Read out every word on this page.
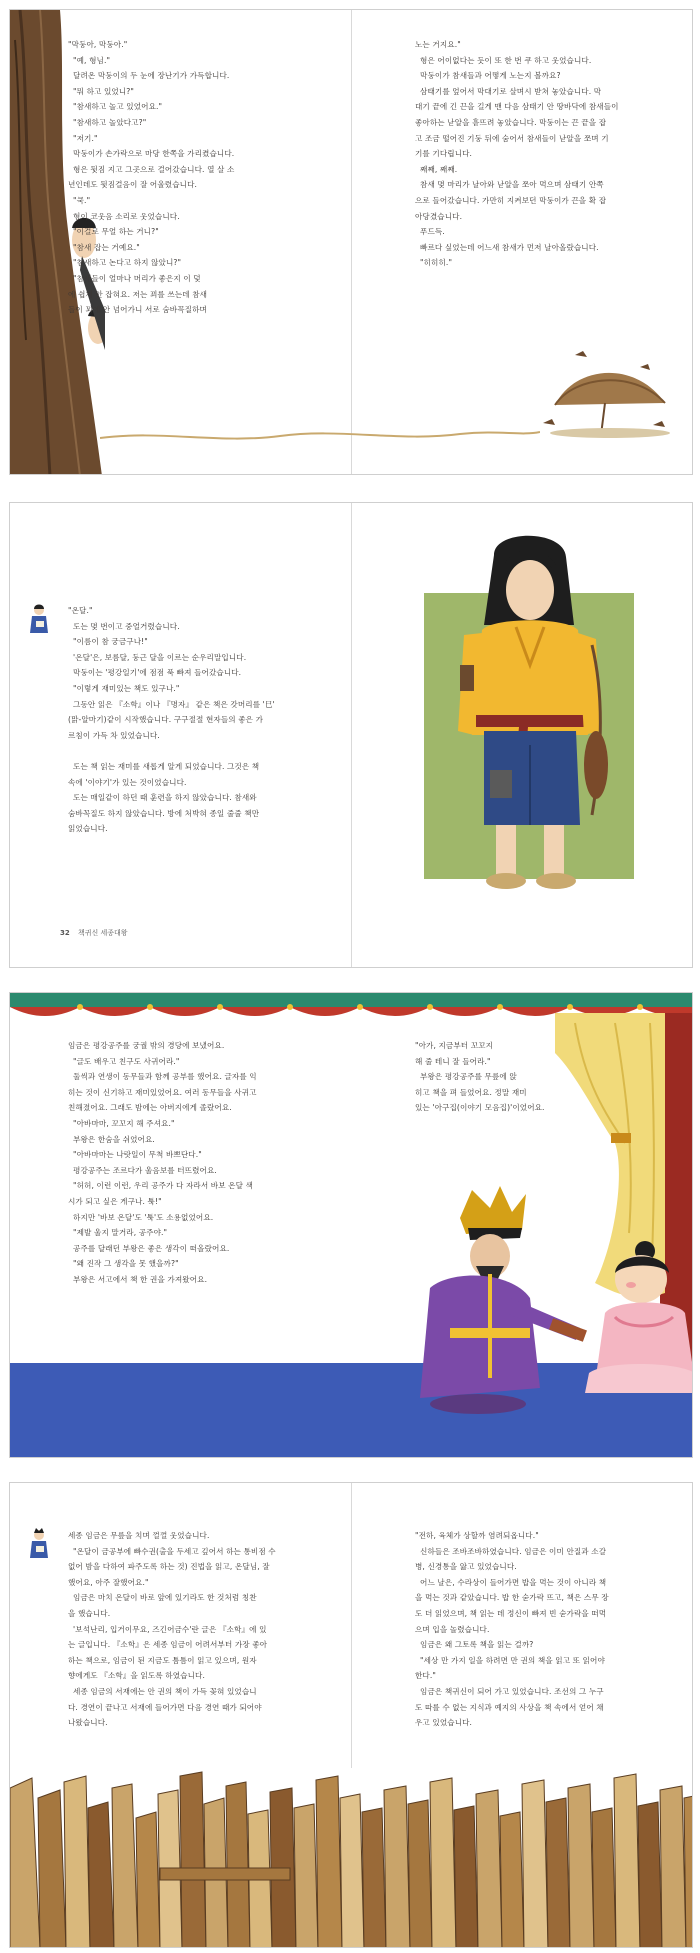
"막둥아, 막둥아."
"예, 형님."
달려온 막둥이의 두 눈에 장난기가 가득합니다.
"뭐 하고 있었니?"
"참새하고 놀고 있었어요."
"참새하고 놀았다고?"
"저기."
막둥이가 손가락으로 마당 한쪽을 가리켰습니다.
형은 뒷짐 지고 그곳으로 걸어갔습니다. 열 살 소
년인데도 뒷짐걸음이 잘 어울렸습니다.
"쿡."
형이 코웃음 소리로 웃었습니다.
"이걸로 무얼 하는 거니?"
"참새 잡는 거예요."
"참새하고 논다고 하지 않았니?"
"참새들이 얼마나 머리가 좋은지 이 덫
에 쉽게 안 잡혀요. 저는 꾀를 쓰는데 참새
들이 꾀에 안 넘어가니 서로 숨바꼭질하며
노는 거지요."
형은 어이없다는 듯이 또 한 번 쿠 하고 웃었습니다.
막둥이가 참새들과 어떻게 노는지 볼까요?
삼태기를 엎어서 막대기로 살며시 받쳐 놓았습니다. 막
대기 끝에 긴 끈을 길게 맨 다음 삼태기 안 땅바닥에 참새들이
좋아하는 낟알을 흩뜨려 놓았습니다. 막둥이는 끈 끝을 잡
고 조금 떨어진 기둥 뒤에 숨어서 참새들이 낟알을 쪼며 기
기를 기다립니다.
째째, 째째.
참새 몇 마리가 날아와 낟알을 쪼아 먹으며 삼태기 안쪽
으로 들어갔습니다. 가만히 지켜보던 막둥이가 끈을 확 잡
아당겼습니다.
푸드득.
빠르다 싶었는데 어느새 참새가 먼저 날아올랐습니다.
"히히히."
"온달."
도는 몇 번이고 중얼거렸습니다.
"이름이 참 궁금구나!"
'온달'은, 보름달, 둥근 달을 이르는 순우리말입니다.
막둥이는 '평강일기'에 점점 푹 빠져 들어갔습니다.
"이렇게 재미있는 책도 있구나."
그동안 읽은 『소학』이나 『명자』 같은 책은 갓머리를 '巳'
(맑-알마기)같이 시작했습니다. 구구절절 현자들의 좋은 가
르침이 가득 차 있었습니다.

도는 책 읽는 재미를 새롭게 알게 되었습니다. 그것은 책
속에 '이야기'가 있는 것이었습니다.
도는 매일같이 하던 때 훈련을 하지 않았습니다. 참새와
숨바꼭질도 하지 않았습니다. 방에 처박혀 종일 줄줄 책만
읽었습니다.
32 책귀신 세종대왕
임금은 평강공주를 궁궐 밖의 경당에 보냈어요.
"글도 배우고 친구도 사귀어라."
둘씩과 연생이 동무들과 함께 공부를 했어요. 글자를 익
히는 것이 신기하고 재미있었어요. 여러 동무들을 사귀고
친해졌어요. 그래도 밤에는 아버지에게 졸랐어요.
"아바마마, 꼬꼬지 해 주셔요."
부왕은 한숨을 쉬었어요.
"아바마마는 나랏일이 무척 바쁘단다."
평강공주는 조르다가 울음보를 터뜨렸어요.
"허허, 이런 이런, 우리 공주가 다 자라서 바보 온달 색
시가 되고 싶은 게구나. 툭!"
하지만 '바보 온달'도 '툭'도 소용없었어요.
"제발 울지 말거라, 공주야."
공주를 달래던 부왕은 좋은 생각이 떠올랐어요.
"왜 진작 그 생각을 못 했을까?"
부왕은 서고에서 책 한 권을 가져왔어요.
"아가, 지금부터 꼬꼬지
해 줄 테니 잘 들어라."
부왕은 평강공주를 무릎에 앉
히고 책을 펴 들었어요. 정말 재미
있는 '아구집(이야기 모음집)'이었어요.
세종 임금은 무릎을 치며 껄껄 웃었습니다.
"온달이 금공부에 빠수권(출을 두세고 깊어서 하는 통비점 수
없어 밤을 다하여 파주도록 하는 것) 진법을 읽고, 온달님, 잘
했어요, 아주 잘했어요."
임금은 마치 온달이 바로 앞에 있기라도 한 것처럼 칭찬
을 했습니다.
'보석난리, 입거이무요, 즈긴어금수'란 글은 『소학』에 있
는 글입니다. 『소학』은 세종 임금이 어려서부터 가장 좋아
하는 책으로, 임금이 된 지금도 틈틈이 읽고 있으며, 원자
향에게도 『소학』을 읽도록 하였습니다.
세종 임금의 서재에는 안 권의 책이 가득 꽂혀 있었습니
다. 경연이 끝나고 서재에 들어가면 다음 경연 때가 되어야
나왔습니다.
"전하, 육체가 상할까 염려되옵니다."
신하들은 조바조바하였습니다. 임금은 이미 안질과 소갈
병, 신경통을 앓고 있었습니다.
어느 날은, 수라상이 들어가면 밥을 먹는 것이 아니라 책
을 먹는 것과 같았습니다. 밥 한 숟가락 뜨고, 책은 스무 장
도 더 읽었으며, 책 읽는 데 정신이 빠져 빈 숟가락을 떠먹
으며 입을 놀렸습니다.
임금은 왜 그토록 책을 읽는 걸까?
"세상 만 가지 일을 하려면 만 권의 책을 읽고 또 읽어야
한다."
임금은 책귀신이 되어 가고 있었습니다. 조선의 그 누구
도 따를 수 없는 지식과 예지의 사상을 책 속에서 얻어 채
우고 있었습니다.
